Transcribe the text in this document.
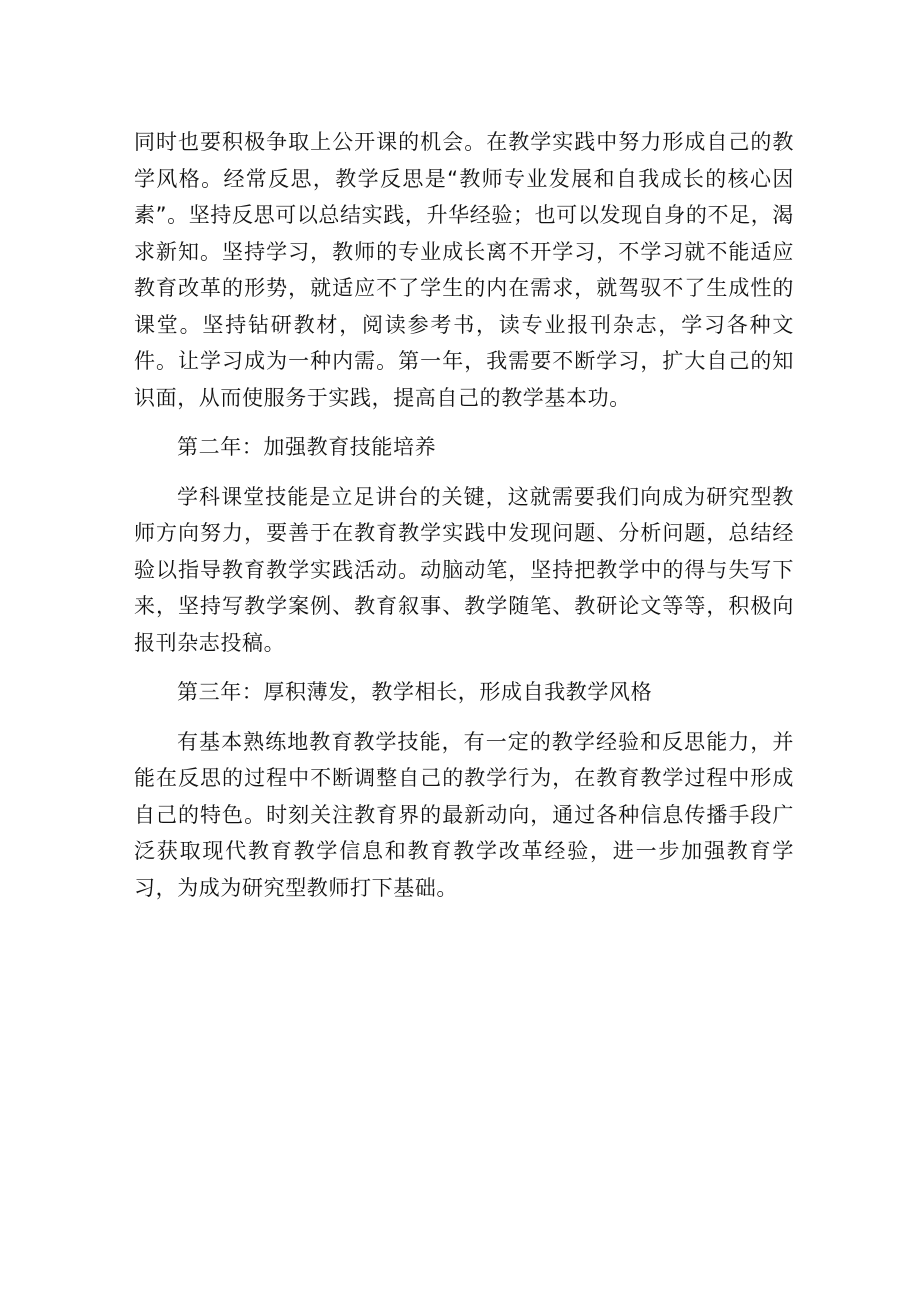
同时也要积极争取上公开课的机会。在教学实践中努力形成自己的教学风格。经常反思，教学反思是“教师专业发展和自我成长的核心因素”。坚持反思可以总结实践，升华经验；也可以发现自身的不足，渴求新知。坚持学习，教师的专业成长离不开学习，不学习就不能适应教育改革的形势，就适应不了学生的内在需求，就驾驭不了生成性的课堂。坚持钻研教材，阅读参考书，读专业报刊杂志，学习各种文件。让学习成为一种内需。第一年，我需要不断学习，扩大自己的知识面，从而使服务于实践，提高自己的教学基本功。

第二年：加强教育技能培养

学科课堂技能是立足讲台的关键，这就需要我们向成为研究型教师方向努力，要善于在教育教学实践中发现问题、分析问题，总结经验以指导教育教学实践活动。动脑动笔，坚持把教学中的得与失写下来，坚持写教学案例、教育叙事、教学随笔、教研论文等等，积极向报刊杂志投稿。

第三年：厚积薄发，教学相长，形成自我教学风格

有基本熟练地教育教学技能，有一定的教学经验和反思能力，并能在反思的过程中不断调整自己的教学行为，在教育教学过程中形成自己的特色。时刻关注教育界的最新动向，通过各种信息传播手段广泛获取现代教育教学信息和教育教学改革经验，进一步加强教育学习，为成为研究型教师打下基础。
